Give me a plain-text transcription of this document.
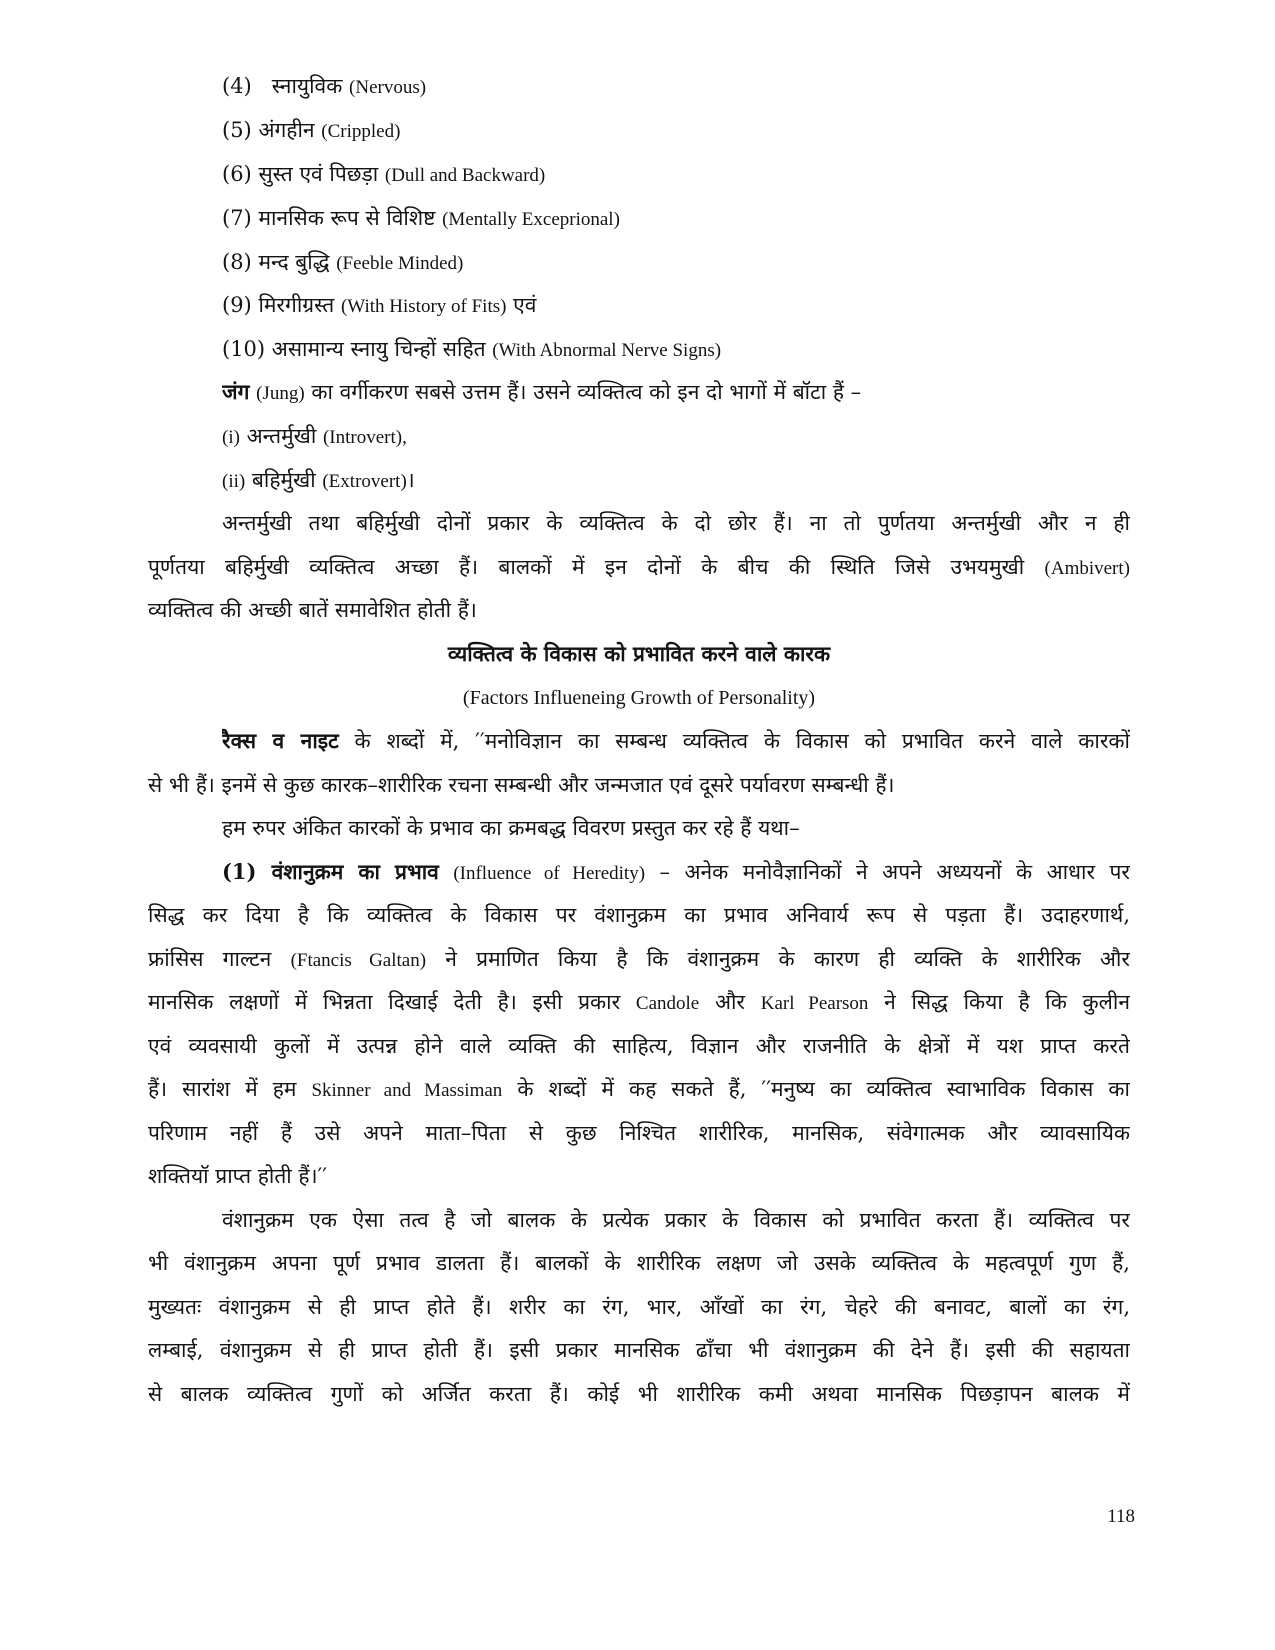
(4) स्नायुविक (Nervous)
(5) अंगहीन (Crippled)
(6) सुस्त एवं पिछड़ा (Dull and Backward)
(7) मानसिक रूप से विशिष्ट (Mentally Exceprional)
(8) मन्द बुद्धि (Feeble Minded)
(9) मिरगीग्रस्त (With History of Fits) एवं
(10) असामान्य स्नायु चिन्हों सहित (With Abnormal Nerve Signs)
जंग (Jung) का वर्गीकरण सबसे उत्तम हैं। उसने व्यक्तित्व को इन दो भागों में बॉटा हैं –
(i) अन्तर्मुखी (Introvert),
(ii) बहिर्मुखी (Extrovert)।
अन्तर्मुखी तथा बहिर्मुखी दोनों प्रकार के व्यक्तित्व के दो छोर हैं। ना तो पुर्णतया अन्तर्मुखी और न ही
पूर्णतया बहिर्मुखी व्यक्तित्व अच्छा हैं। बालकों में इन दोनों के बीच की स्थिति जिसे उभयमुखी (Ambivert)
व्यक्तित्व की अच्छी बातें समावेशित होती हैं।
व्यक्तित्व के विकास को प्रभावित करने वाले कारक
(Factors Influeneing Growth of Personality)
रैक्स व नाइट के शब्दों में, ′′मनोविज्ञान का सम्बन्ध व्यक्तित्व के विकास को प्रभावित करने वाले कारकों
से भी हैं। इनमें से कुछ कारक–शारीरिक रचना सम्बन्धी और जन्मजात एवं दूसरे पर्यावरण सम्बन्धी हैं।
हम रुपर अंकित कारकों के प्रभाव का क्रमबद्ध विवरण प्रस्तुत कर रहे हैं यथा–
(1) वंशानुक्रम का प्रभाव (Influence of Heredity) – अनेक मनोवैज्ञानिकों ने अपने अध्ययनों के आधार पर
सिद्ध कर दिया है कि व्यक्तित्व के विकास पर वंशानुक्रम का प्रभाव अनिवार्य रूप से पड़ता हैं। उदाहरणार्थ,
फ्रांसिस गाल्टन (Ftancis Galtan) ने प्रमाणित किया है कि वंशानुक्रम के कारण ही व्यक्ति के शारीरिक और
मानसिक लक्षणों में भिन्नता दिखाई देती है। इसी प्रकार Candole और Karl Pearson ने सिद्ध किया है कि कुलीन
एवं व्यवसायी कुलों में उत्पन्न होने वाले व्यक्ति की साहित्य, विज्ञान और राजनीति के क्षेत्रों में यश प्राप्त करते
हैं। सारांश में हम Skinner and Massiman के शब्दों में कह सकते हैं, ′′मनुष्य का व्यक्तित्व स्वाभाविक विकास का
परिणाम नहीं हैं उसे अपने माता–पिता से कुछ निश्चित शारीरिक, मानसिक, संवेगात्मक और व्यावसायिक
शक्तियॉ प्राप्त होती हैं।′′
वंशानुक्रम एक ऐसा तत्व है जो बालक के प्रत्येक प्रकार के विकास को प्रभावित करता हैं। व्यक्तित्व पर
भी वंशानुक्रम अपना पूर्ण प्रभाव डालता हैं। बालकों के शारीरिक लक्षण जो उसके व्यक्तित्व के महत्वपूर्ण गुण हैं,
मुख्यतः वंशानुक्रम से ही प्राप्त होते हैं। शरीर का रंग, भार, ऑंखों का रंग, चेहरे की बनावट, बालों का रंग,
लम्बाई, वंशानुक्रम से ही प्राप्त होती हैं। इसी प्रकार मानसिक ढाँचा भी वंशानुक्रम की देने हैं। इसी की सहायता
से बालक व्यक्तित्व गुणों को अर्जित करता हैं। कोई भी शारीरिक कमी अथवा मानसिक पिछड़ापन बालक में
118
